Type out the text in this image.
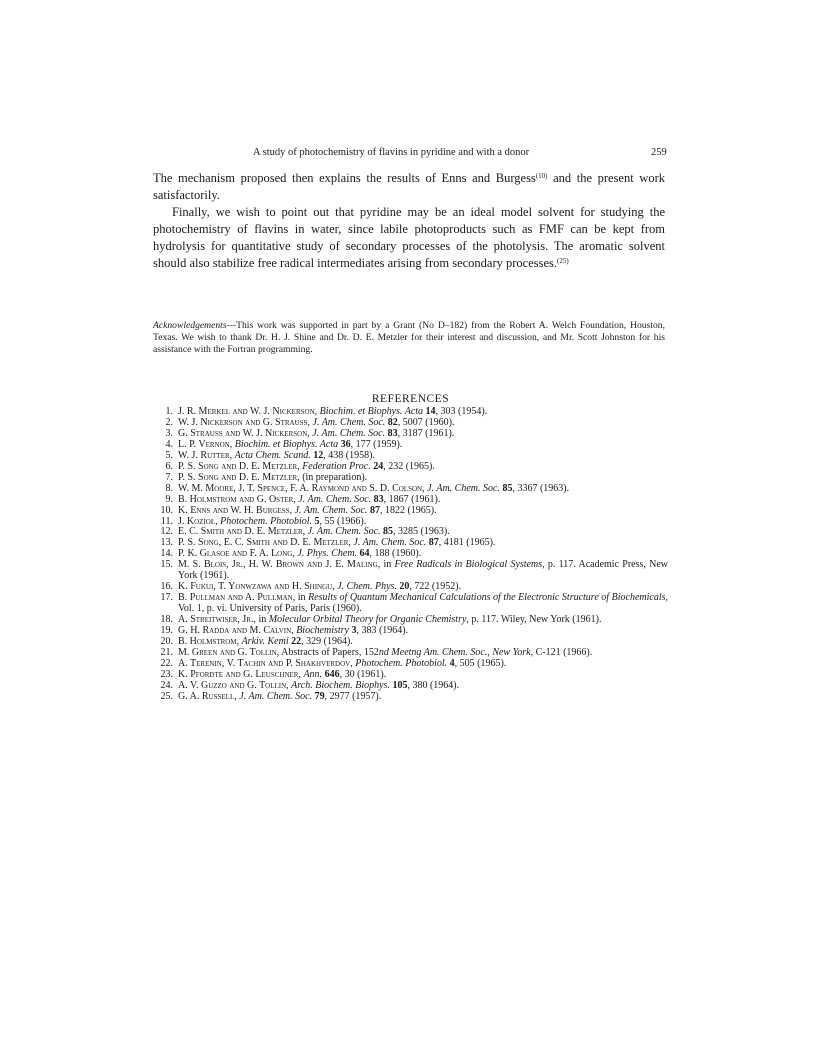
A study of photochemistry of flavins in pyridine and with a donor	259

The mechanism proposed then explains the results of Enns and Burgess$^{(10)}$ and the present work satisfactorily.

Finally, we wish to point out that pyridine may be an ideal model solvent for studying the photochemistry of flavins in water, since labile photoproducts such as FMF can be kept from hydrolysis for quantitative study of secondary processes of the photolysis. The aromatic solvent should also stabilize free radical intermediates arising from secondary processes.$^{(25)}$

Acknowledgements—This work was supported in part by a Grant (No D–182) from the Robert A. Welch Foundation, Houston, Texas. We wish to thank Dr. H. J. Shine and Dr. D. E. Metzler for their interest and discussion, and Mr. Scott Johnston for his assistance with the Fortran programming.
REFERENCES
1. J. R. Merkel and W. J. Nickerson, Biochim. et Biophys. Acta 14, 303 (1954).
2. W. J. Nickerson and G. Strauss, J. Am. Chem. Soc. 82, 5007 (1960).
3. G. Strauss and W. J. Nickerson, J. Am. Chem. Soc. 83, 3187 (1961).
4. L. P. Vernon, Biochim. et Biophys. Acta 36, 177 (1959).
5. W. J. Rutter, Acta Chem. Scand. 12, 438 (1958).
6. P. S. Song and D. E. Metzler, Federation Proc. 24, 232 (1965).
7. P. S. Song and D. E. Metzler, (in preparation).
8. W. M. Moore, J. T. Spence, F. A. Raymond and S. D. Colson, J. Am. Chem. Soc. 85, 3367 (1963).
9. B. Holmstrom and G. Oster, J. Am. Chem. Soc. 83, 1867 (1961).
10. K. Enns and W. H. Burgess, J. Am. Chem. Soc. 87, 1822 (1965).
11. J. Kozioł, Photochem. Photobiol. 5, 55 (1966).
12. E. C. Smith and D. E. Metzler, J. Am. Chem. Soc. 85, 3285 (1963).
13. P. S. Song, E. C. Smith and D. E. Metzler, J. Am. Chem. Soc. 87, 4181 (1965).
14. P. K. Glasoe and F. A. Long, J. Phys. Chem. 64, 188 (1960).
15. M. S. Blois, Jr., H. W. Brown and J. E. Maling, in Free Radicals in Biological Systems, p. 117. Academic Press, New York (1961).
16. K. Fukui, T. Yonwzawa and H. Shingu, J. Chem. Phys. 20, 722 (1952).
17. B. Pullman and A. Pullman, in Results of Quantum Mechanical Calculations of the Electronic Structure of Biochemicals, Vol. 1, p. vi. University of Paris, Paris (1960).
18. A. Streitwiser, Jr., in Molecular Orbital Theory for Organic Chemistry, p. 117. Wiley, New York (1961).
19. G. H. Radda and M. Calvin, Biochemistry 3, 383 (1964).
20. B. Holmstrom, Arkiv. Kemi 22, 329 (1964).
21. M. Green and G. Tollin, Abstracts of Papers, 152nd Meetng Am. Chem. Soc., New York, C-121 (1966).
22. A. Terenin, V. Tachin and P. Shakhverdov, Photochem. Photobiol. 4, 505 (1965).
23. K. Pfordte and G. Leuschner, Ann. 646, 30 (1961).
24. A. V. Guzzo and G. Tollin, Arch. Biochem. Biophys. 105, 380 (1964).
25. G. A. Russell, J. Am. Chem. Soc. 79, 2977 (1957).
